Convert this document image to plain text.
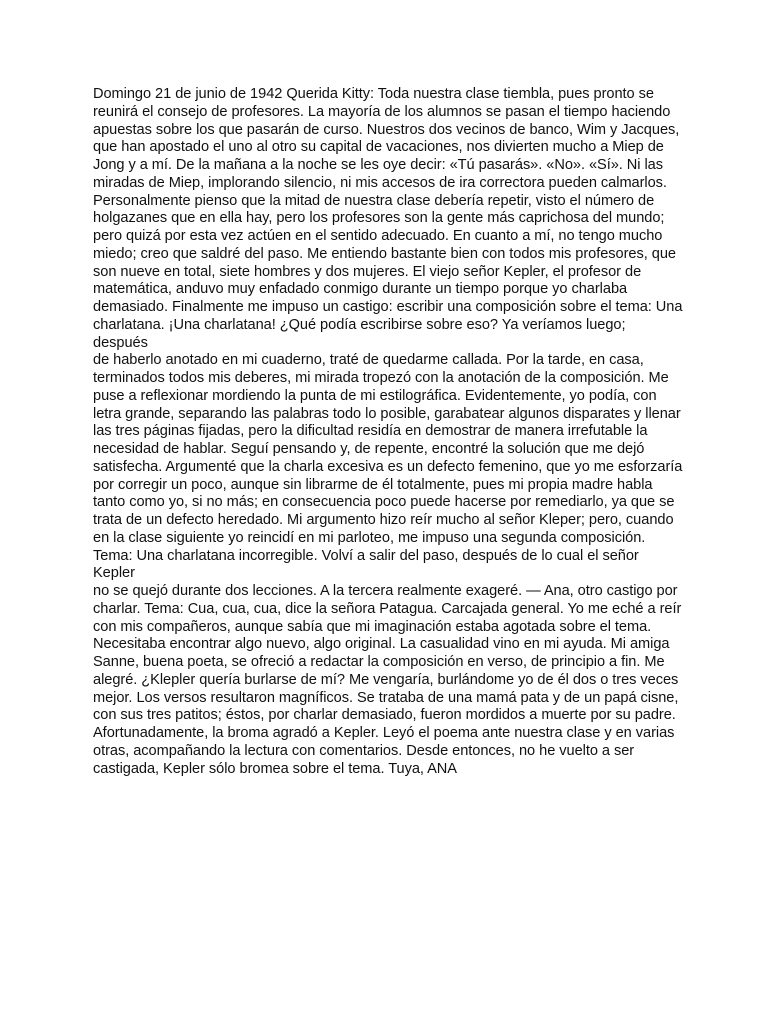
Domingo 21 de junio de 1942 Querida Kitty: Toda nuestra clase tiembla, pues pronto se
reunirá el consejo de profesores. La mayoría de los alumnos se pasan el tiempo haciendo
apuestas sobre los que pasarán de curso. Nuestros dos vecinos de banco, Wim y Jacques,
que han apostado el uno al otro su capital de vacaciones, nos divierten mucho a Miep de
Jong y a mí. De la mañana a la noche se les oye decir: «Tú pasarás». «No». «Sí». Ni las
miradas de Miep, implorando silencio, ni mis accesos de ira correctora pueden calmarlos.
Personalmente pienso que la mitad de nuestra clase debería repetir, visto el número de
holgazanes que en ella hay, pero los profesores son la gente más caprichosa del mundo;
pero quizá por esta vez actúen en el sentido adecuado. En cuanto a mí, no tengo mucho
miedo; creo que saldré del paso. Me entiendo bastante bien con todos mis profesores, que
son nueve en total, siete hombres y dos mujeres. El viejo señor Kepler, el profesor de
matemática, anduvo muy enfadado conmigo durante un tiempo porque yo charlaba
demasiado. Finalmente me impuso un castigo: escribir una composición sobre el tema: Una
charlatana. ¡Una charlatana! ¿Qué podía escribirse sobre eso? Ya veríamos luego; después
de haberlo anotado en mi cuaderno, traté de quedarme callada. Por la tarde, en casa,
terminados todos mis deberes, mi mirada tropezó con la anotación de la composición. Me
puse a reflexionar mordiendo la punta de mi estilográfica. Evidentemente, yo podía, con
letra grande, separando las palabras todo lo posible, garabatear algunos disparates y llenar
las tres páginas fijadas, pero la dificultad residía en demostrar de manera irrefutable la
necesidad de hablar. Seguí pensando y, de repente, encontré la solución que me dejó
satisfecha. Argumenté que la charla excesiva es un defecto femenino, que yo me esforzaría
por corregir un poco, aunque sin librarme de él totalmente, pues mi propia madre habla
tanto como yo, si no más; en consecuencia poco puede hacerse por remediarlo, ya que se
trata de un defecto heredado. Mi argumento hizo reír mucho al señor Kleper; pero, cuando
en la clase siguiente yo reincidí en mi parloteo, me impuso una segunda composición.
Tema: Una charlatana incorregible. Volví a salir del paso, después de lo cual el señor Kepler
no se quejó durante dos lecciones. A la tercera realmente exageré. — Ana, otro castigo por
charlar. Tema: Cua, cua, cua, dice la señora Patagua. Carcajada general. Yo me eché a reír
con mis compañeros, aunque sabía que mi imaginación estaba agotada sobre el tema.
Necesitaba encontrar algo nuevo, algo original. La casualidad vino en mi ayuda. Mi amiga
Sanne, buena poeta, se ofreció a redactar la composición en verso, de principio a fin. Me
alegré. ¿Klepler quería burlarse de mí? Me vengaría, burlándome yo de él dos o tres veces
mejor. Los versos resultaron magníficos. Se trataba de una mamá pata y de un papá cisne,
con sus tres patitos; éstos, por charlar demasiado, fueron mordidos a muerte por su padre.
Afortunadamente, la broma agradó a Kepler. Leyó el poema ante nuestra clase y en varias
otras, acompañando la lectura con comentarios. Desde entonces, no he vuelto a ser
castigada, Kepler sólo bromea sobre el tema. Tuya, ANA
